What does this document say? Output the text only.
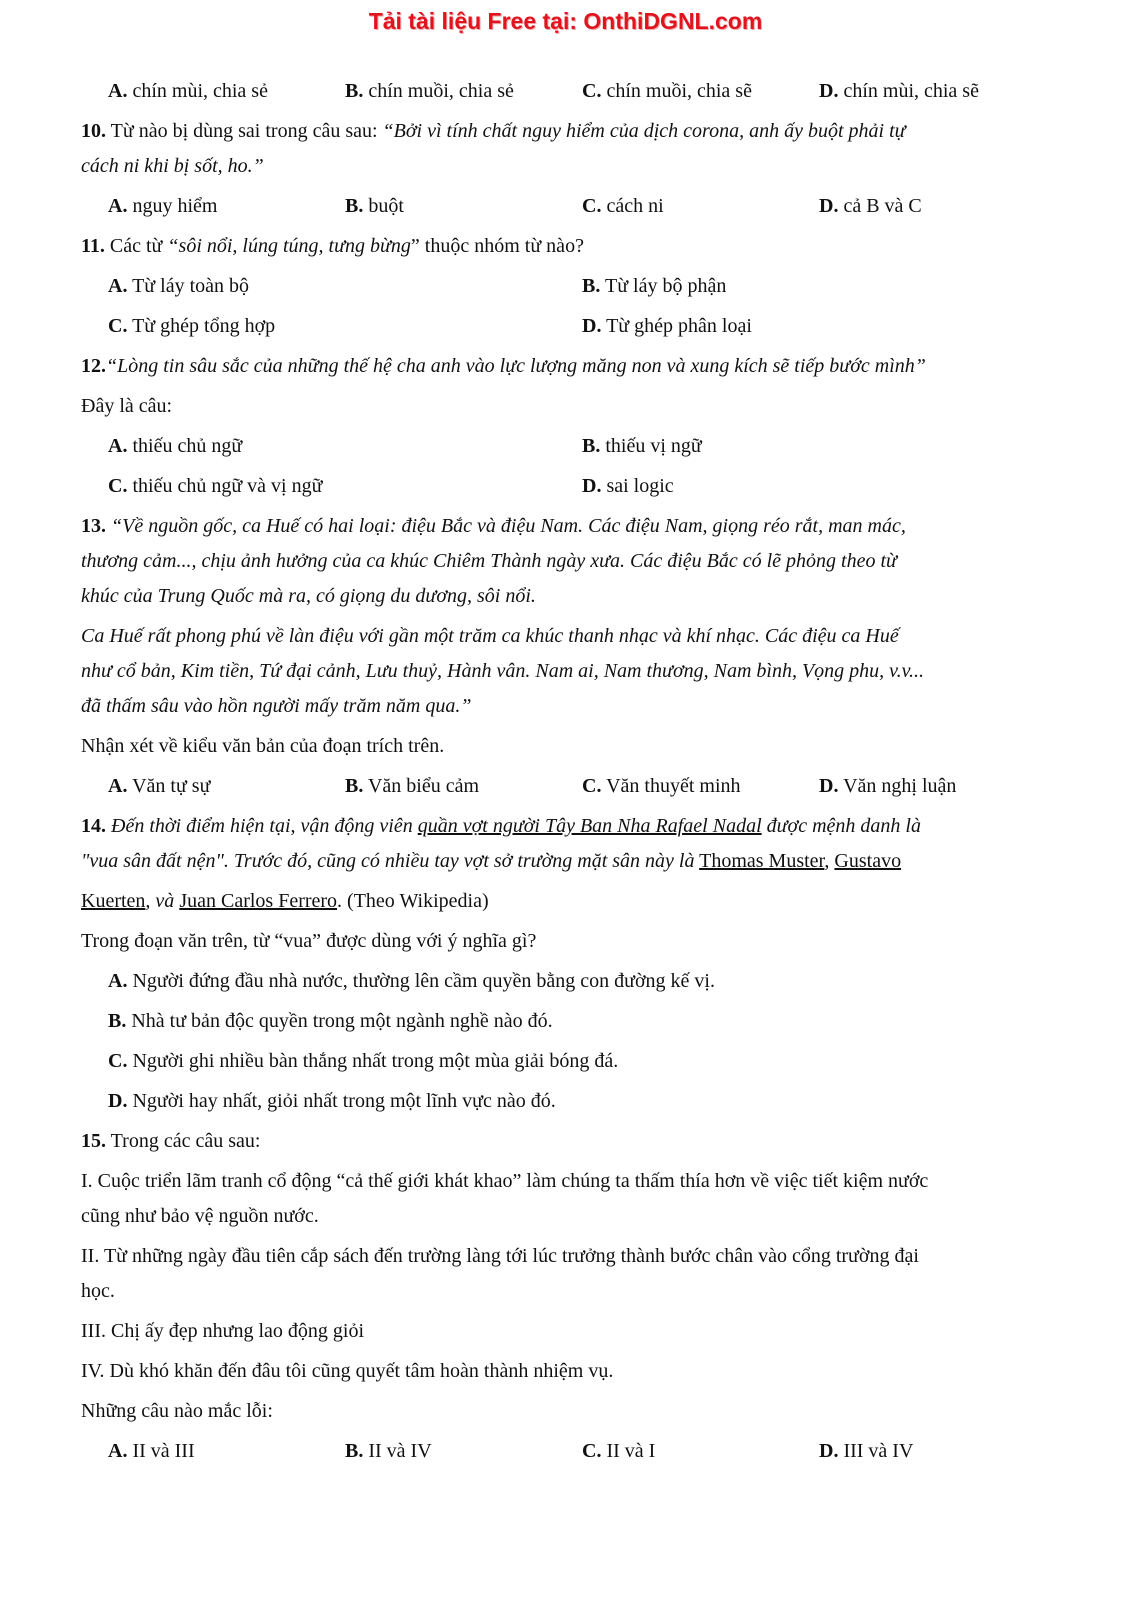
Tải tài liệu Free tại: OnthiDGNL.com
A. chín mùi, chia sẻ	B. chín muồi, chia sẻ	C. chín muồi, chia sẽ	D. chín mùi, chia sẽ
10. Từ nào bị dùng sai trong câu sau: “Bởi vì tính chất nguy hiểm của dịch corona, anh ấy buột phải tự
cách ni khi bị sốt, ho.”
A. nguy hiểm	B. buột	C. cách ni	D. cả B và C
11. Các từ “sôi nổi, lúng túng, tưng bừng” thuộc nhóm từ nào?
A. Từ láy toàn bộ	B. Từ láy bộ phận
C. Từ ghép tổng hợp	D. Từ ghép phân loại
12.“Lòng tin sâu sắc của những thế hệ cha anh vào lực lượng măng non và xung kích sẽ tiếp bước mình”
Đây là câu:
A. thiếu chủ ngữ	B. thiếu vị ngữ
C. thiếu chủ ngữ và vị ngữ	D. sai logic
13. “Về nguồn gốc, ca Huế có hai loại: điệu Bắc và điệu Nam. Các điệu Nam, giọng réo rắt, man mác,
thương cảm..., chịu ảnh hưởng của ca khúc Chiêm Thành ngày xưa. Các điệu Bắc có lẽ phỏng theo từ
khúc của Trung Quốc mà ra, có giọng du dương, sôi nổi.
Ca Huế rất phong phú về làn điệu với gần một trăm ca khúc thanh nhạc và khí nhạc. Các điệu ca Huế
như cổ bản, Kim tiền, Tứ đại cảnh, Lưu thuỷ, Hành vân. Nam ai, Nam thương, Nam bình, Vọng phu, v.v...
đã thấm sâu vào hồn người mấy trăm năm qua.”
Nhận xét về kiểu văn bản của đoạn trích trên.
A. Văn tự sự	B. Văn biểu cảm	C. Văn thuyết minh	D. Văn nghị luận
14. Đến thời điểm hiện tại, vận động viên quần vợt người Tây Ban Nha Rafael Nadal được mệnh danh là
"vua sân đất nện". Trước đó, cũng có nhiều tay vợt sở trường mặt sân này là Thomas Muster, Gustavo
Kuerten, và Juan Carlos Ferrero. (Theo Wikipedia)
Trong đoạn văn trên, từ “vua” được dùng với ý nghĩa gì?
A. Người đứng đầu nhà nước, thường lên cầm quyền bằng con đường kế vị.
B. Nhà tư bản độc quyền trong một ngành nghề nào đó.
C. Người ghi nhiều bàn thắng nhất trong một mùa giải bóng đá.
D. Người hay nhất, giỏi nhất trong một lĩnh vực nào đó.
15. Trong các câu sau:
I. Cuộc triển lãm tranh cổ động “cả thế giới khát khao” làm chúng ta thấm thía hơn về việc tiết kiệm nước
cũng như bảo vệ nguồn nước.
II. Từ những ngày đầu tiên cắp sách đến trường làng tới lúc trưởng thành bước chân vào cổng trường đại
học.
III. Chị ấy đẹp nhưng lao động giỏi
IV. Dù khó khăn đến đâu tôi cũng quyết tâm hoàn thành nhiệm vụ.
Những câu nào mắc lỗi:
A. II và III	B. II và IV	C. II và I	D. III và IV
